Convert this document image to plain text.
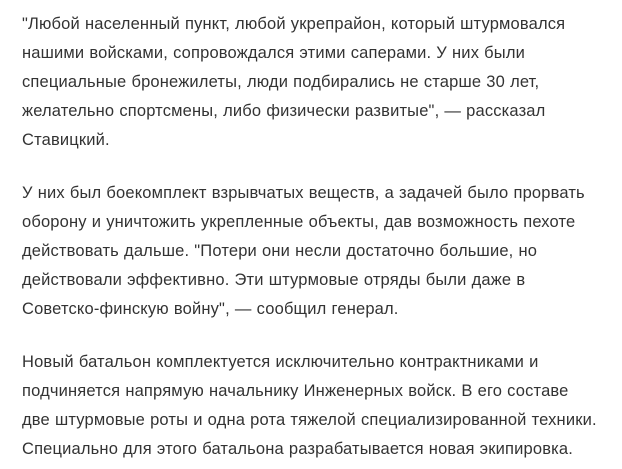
"Любой населенный пункт, любой укрепрайон, который штурмовался нашими войсками, сопровождался этими саперами. У них были специальные бронежилеты, люди подбирались не старше 30 лет, желательно спортсмены, либо физически развитые", — рассказал Ставицкий.

У них был боекомплект взрывчатых веществ, а задачей было прорвать оборону и уничтожить укрепленные объекты, дав возможность пехоте действовать дальше. "Потери они несли достаточно большие, но действовали эффективно. Эти штурмовые отряды были даже в Советско-финскую войну", — сообщил генерал.

Новый батальон комплектуется исключительно контрактниками и подчиняется напрямую начальнику Инженерных войск. В его составе две штурмовые роты и одна рота тяжелой специализированной техники. Специально для этого батальона разрабатывается новая экипировка.
